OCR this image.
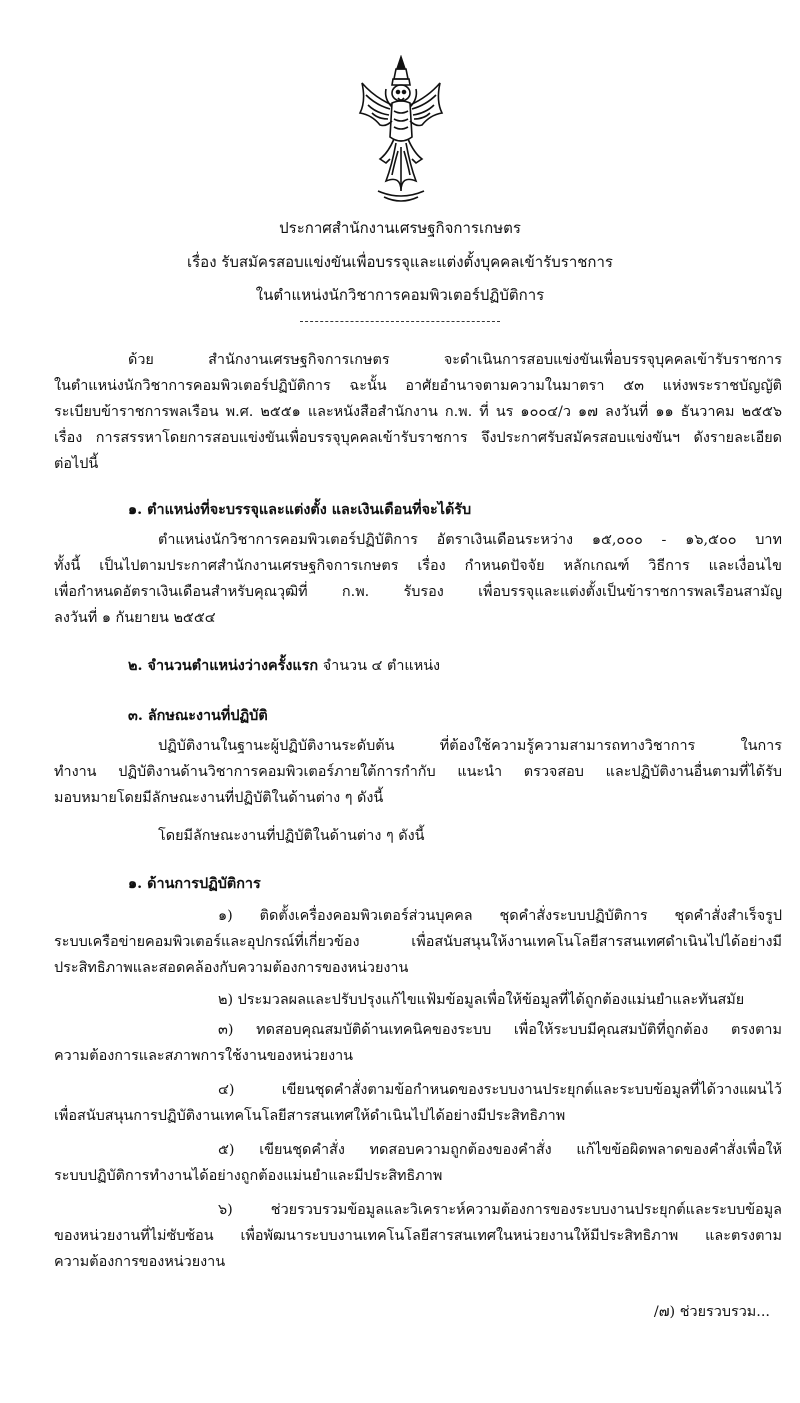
ประกาศสำนักงานเศรษฐกิจการเกษตร
เรื่อง รับสมัครสอบแข่งขันเพื่อบรรจุและแต่งตั้งบุคคลเข้ารับราชการ
ในตำแหน่งนักวิชาการคอมพิวเตอร์ปฏิบัติการ
ด้วย สำนักงานเศรษฐกิจการเกษตร จะดำเนินการสอบแข่งขันเพื่อบรรจุบุคคลเข้ารับราชการ
ในตำแหน่งนักวิชาการคอมพิวเตอร์ปฏิบัติการ ฉะนั้น อาศัยอำนาจตามความในมาตรา ๕๓ แห่งพระราชบัญญัติ
ระเบียบข้าราชการพลเรือน พ.ศ. ๒๕๕๑ และหนังสือสำนักงาน ก.พ. ที่ นร ๑๐๐๔/ว ๑๗ ลงวันที่ ๑๑ ธันวาคม ๒๕๕๖
เรื่อง การสรรหาโดยการสอบแข่งขันเพื่อบรรจุบุคคลเข้ารับราชการ จึงประกาศรับสมัครสอบแข่งขันฯ ดังรายละเอียด
ต่อไปนี้
๑. ตำแหน่งที่จะบรรจุและแต่งตั้ง และเงินเดือนที่จะได้รับ
ตำแหน่งนักวิชาการคอมพิวเตอร์ปฏิบัติการ อัตราเงินเดือนระหว่าง ๑๕,๐๐๐ - ๑๖,๕๐๐ บาท
ทั้งนี้ เป็นไปตามประกาศสำนักงานเศรษฐกิจการเกษตร เรื่อง กำหนดปัจจัย หลักเกณฑ์ วิธีการ และเงื่อนไข
เพื่อกำหนดอัตราเงินเดือนสำหรับคุณวุฒิที่ ก.พ. รับรอง เพื่อบรรจุและแต่งตั้งเป็นข้าราชการพลเรือนสามัญ
ลงวันที่ ๑ กันยายน ๒๕๕๔
๒. จำนวนตำแหน่งว่างครั้งแรก จำนวน ๔ ตำแหน่ง
๓. ลักษณะงานที่ปฏิบัติ
ปฏิบัติงานในฐานะผู้ปฏิบัติงานระดับต้น ที่ต้องใช้ความรู้ความสามารถทางวิชาการ ในการ
ทำงาน ปฏิบัติงานด้านวิชาการคอมพิวเตอร์ภายใต้การกำกับ แนะนำ ตรวจสอบ และปฏิบัติงานอื่นตามที่ได้รับ
มอบหมายโดยมีลักษณะงานที่ปฏิบัติในด้านต่าง ๆ ดังนี้
โดยมีลักษณะงานที่ปฏิบัติในด้านต่าง ๆ ดังนี้
๑. ด้านการปฏิบัติการ
๑) ติดตั้งเครื่องคอมพิวเตอร์ส่วนบุคคล ชุดคำสั่งระบบปฏิบัติการ ชุดคำสั่งสำเร็จรูป
ระบบเครือข่ายคอมพิวเตอร์และอุปกรณ์ที่เกี่ยวข้อง เพื่อสนับสนุนให้งานเทคโนโลยีสารสนเทศดำเนินไปได้อย่างมี
ประสิทธิภาพและสอดคล้องกับความต้องการของหน่วยงาน
๒) ประมวลผลและปรับปรุงแก้ไขแฟ้มข้อมูลเพื่อให้ข้อมูลที่ได้ถูกต้องแม่นยำและทันสมัย
๓) ทดสอบคุณสมบัติด้านเทคนิคของระบบ เพื่อให้ระบบมีคุณสมบัติที่ถูกต้อง ตรงตาม
ความต้องการและสภาพการใช้งานของหน่วยงาน
๔) เขียนชุดคำสั่งตามข้อกำหนดของระบบงานประยุกต์และระบบข้อมูลที่ได้วางแผนไว้
เพื่อสนับสนุนการปฏิบัติงานเทคโนโลยีสารสนเทศให้ดำเนินไปได้อย่างมีประสิทธิภาพ
๕) เขียนชุดคำสั่ง ทดสอบความถูกต้องของคำสั่ง แก้ไขข้อผิดพลาดของคำสั่งเพื่อให้
ระบบปฏิบัติการทำงานได้อย่างถูกต้องแม่นยำและมีประสิทธิภาพ
๖) ช่วยรวบรวมข้อมูลและวิเคราะห์ความต้องการของระบบงานประยุกต์และระบบข้อมูล
ของหน่วยงานที่ไม่ซับซ้อน เพื่อพัฒนาระบบงานเทคโนโลยีสารสนเทศในหน่วยงานให้มีประสิทธิภาพ และตรงตาม
ความต้องการของหน่วยงาน
/๗) ช่วยรวบรวม...
